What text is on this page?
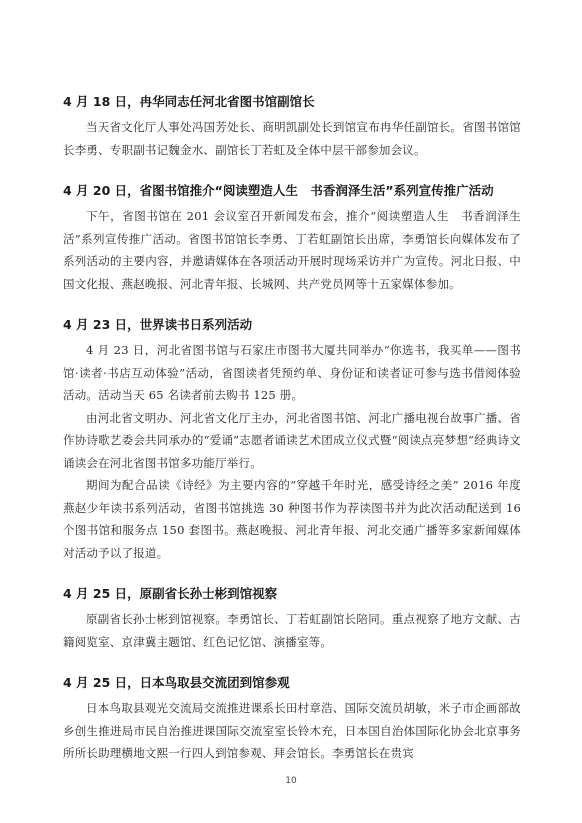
4 月 18 日，冉华同志任河北省图书馆副馆长

当天省文化厅人事处冯国芳处长、商明凯副处长到馆宣布冉华任副馆长。省图书馆馆长李勇、专职副书记魏金水、副馆长丁若虹及全体中层干部参加会议。

4 月 20 日，省图书馆推介“阅读塑造人生　书香润泽生活”系列宣传推广活动

下午，省图书馆在 201 会议室召开新闻发布会，推介“阅读塑造人生　书香润泽生活”系列宣传推广活动。省图书馆馆长李勇、丁若虹副馆长出席，李勇馆长向媒体发布了系列活动的主要内容，并邀请媒体在各项活动开展时现场采访并广为宣传。河北日报、中国文化报、燕赵晚报、河北青年报、长城网、共产党员网等十五家媒体参加。

4 月 23 日，世界读书日系列活动

4 月 23 日，河北省图书馆与石家庄市图书大厦共同举办“你选书，我买单——图书馆·读者·书店互动体验”活动，省图读者凭预约单、身份证和读者证可参与选书借阅体验活动。活动当天 65 名读者前去购书 125 册。

由河北省文明办、河北省文化厅主办，河北省图书馆、河北广播电视台故事广播、省作协诗歌艺委会共同承办的“爱诵”志愿者诵读艺术团成立仪式暨“阅读点亮梦想”经典诗文诵读会在河北省图书馆多功能厅举行。

期间为配合品读《诗经》为主要内容的“穿越千年时光，感受诗经之美” 2016 年度燕赵少年读书系列活动，省图书馆挑选 30 种图书作为荐读图书并为此次活动配送到 16 个图书馆和服务点 150 套图书。燕赵晚报、河北青年报、河北交通广播等多家新闻媒体对活动予以了报道。

4 月 25 日，原副省长孙士彬到馆视察

原副省长孙士彬到馆视察。李勇馆长、丁若虹副馆长陪同。重点视察了地方文献、古籍阅览室、京津冀主题馆、红色记忆馆、演播室等。

4 月 25 日，日本鸟取县交流团到馆参观

日本鸟取县观光交流局交流推进课系长田村章浩、国际交流员胡敏，米子市企画部故乡创生推进局市民自治推进课国际交流室室长铃木充，日本国自治体国际化协会北京事务所所长助理横地文熙一行四人到馆参观、拜会馆长。李勇馆长在贵宾

10
